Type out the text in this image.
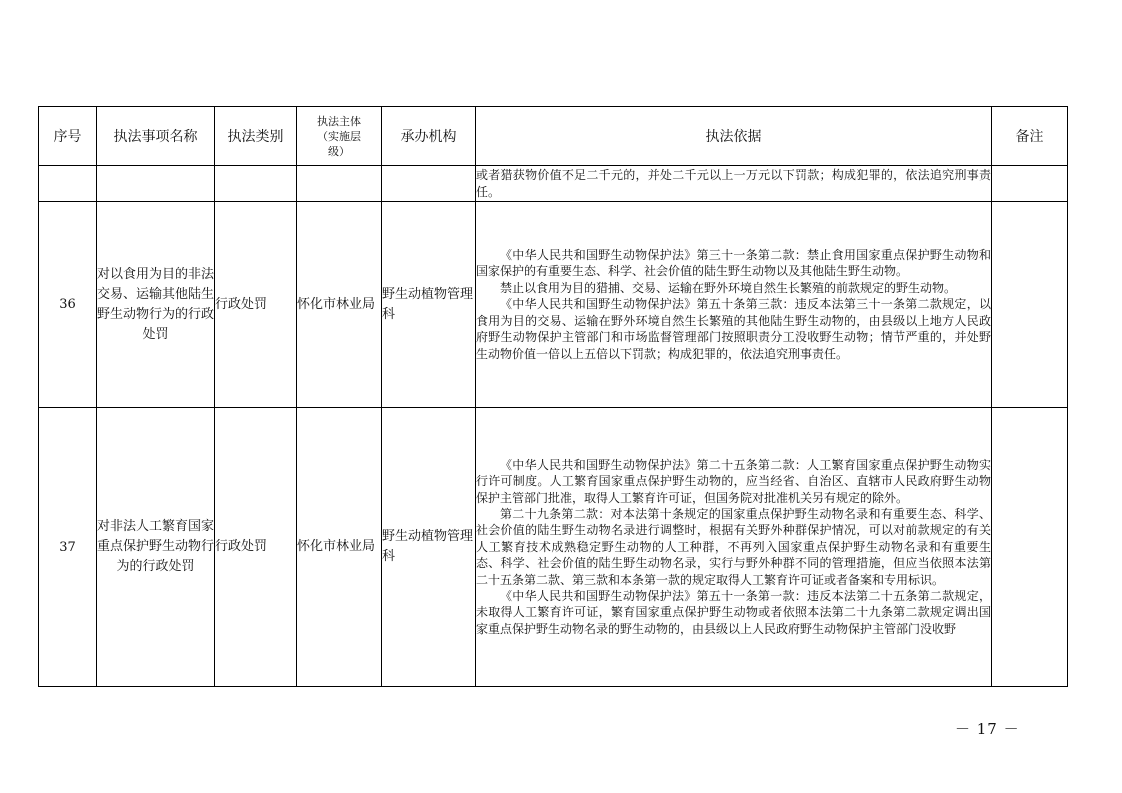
序号	执法事项名称	执法类别	执法主体
（实施层
级）	承办机构	执法依据	备注

					或者猎获物价值不足二千元的，并处二千元以上一万元以下罚款；构成犯罪的，依法追究刑事责任。	

36	对以食用为目的非法交易、运输其他陆生野生动物行为的行政处罚	行政处罚	怀化市林业局	野生动植物管理科	《中华人民共和国野生动物保护法》第三十一条第二款：禁止食用国家重点保护野生动物和国家保护的有重要生态、科学、社会价值的陆生野生动物以及其他陆生野生动物。

禁止以食用为目的猎捕、交易、运输在野外环境自然生长繁殖的前款规定的野生动物。

《中华人民共和国野生动物保护法》第五十条第三款：违反本法第三十一条第二款规定，以食用为目的交易、运输在野外环境自然生长繁殖的其他陆生野生动物的，由县级以上地方人民政府野生动物保护主管部门和市场监督管理部门按照职责分工没收野生动物；情节严重的，并处野生动物价值一倍以上五倍以下罚款；构成犯罪的，依法追究刑事责任。	

37	对非法人工繁育国家重点保护野生动物行为的行政处罚	行政处罚	怀化市林业局	野生动植物管理科	《中华人民共和国野生动物保护法》第二十五条第二款：人工繁育国家重点保护野生动物实行许可制度。人工繁育国家重点保护野生动物的，应当经省、自治区、直辖市人民政府野生动物保护主管部门批准，取得人工繁育许可证，但国务院对批准机关另有规定的除外。

第二十九条第二款：对本法第十条规定的国家重点保护野生动物名录和有重要生态、科学、社会价值的陆生野生动物名录进行调整时，根据有关野外种群保护情况，可以对前款规定的有关人工繁育技术成熟稳定野生动物的人工种群，不再列入国家重点保护野生动物名录和有重要生态、科学、社会价值的陆生野生动物名录，实行与野外种群不同的管理措施，但应当依照本法第二十五条第二款、第三款和本条第一款的规定取得人工繁育许可证或者备案和专用标识。

《中华人民共和国野生动物保护法》第五十一条第一款：违反本法第二十五条第二款规定，未取得人工繁育许可证，繁育国家重点保护野生动物或者依照本法第二十九条第二款规定调出国家重点保护野生动物名录的野生动物的，由县级以上人民政府野生动物保护主管部门没收野	

－ 17 －
